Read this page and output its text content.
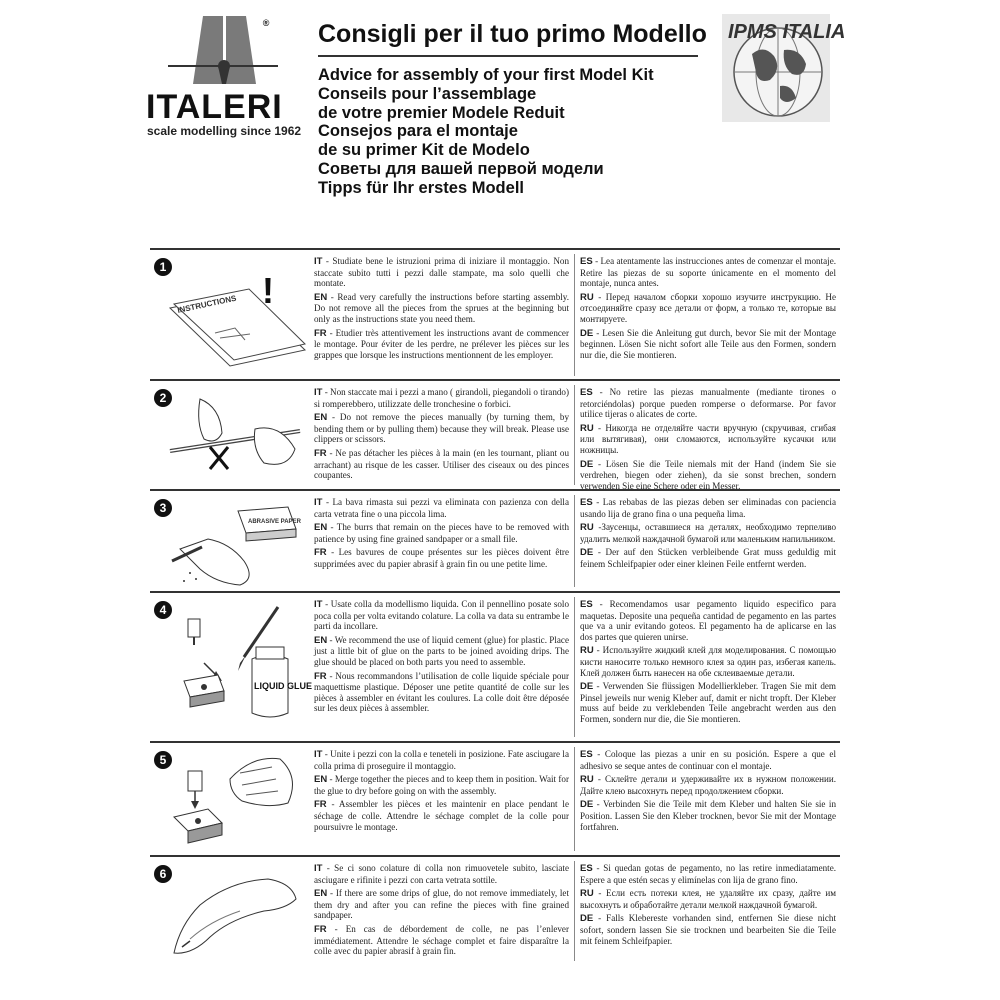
ITALERI®
scale modelling since 1962
Consigli per il tuo primo Modello
Advice for assembly of your first Model Kit
Conseils pour l’assemblage
de votre premier Modele Reduit
Consejos para el montaje
de su primer Kit de Modelo
Советы для вашей первой модели
Tipps für Ihr erstes Modell
IPMS ITALIA
1
INSTRUCTIONS !

IT - Studiate bene le istruzioni prima di iniziare il montaggio. Non staccate subito tutti i pezzi dalle stampate, ma solo quelli che montate.

EN - Read very carefully the instructions before starting assembly. Do not remove all the pieces from the sprues at the beginning but only as the instructions state you need them.

FR - Etudier très attentivement les instructions avant de commencer le montage. Pour éviter de les perdre, ne prélever les pièces sur les grappes que lorsque les instructions mentionnent de les employer.

ES - Lea atentamente las instrucciones antes de comenzar el montaje. Retire las piezas de su soporte únicamente en el momento del montaje, nunca antes.

RU - Перед началом сборки хорошо изучите инструкцию. Не отсоединяйте сразу все детали от форм, а только те, которые вы монтируете.

DE - Lesen Sie die Anleitung gut durch, bevor Sie mit der Montage beginnen. Lösen Sie nicht sofort alle Teile aus den Formen, sondern nur die, die Sie montieren.

2	IT - Non staccate mai i pezzi a mano ( girandoli, piegandoli o tirando) si romperebbero, utilizzate delle tronchesine o forbici.

EN - Do not remove the pieces manually (by turning them, by bending them or by pulling them) because they will break. Please use clippers or scissors.

FR - Ne pas détacher les pièces à la main (en les tournant, pliant ou arrachant) au risque de les casser. Utiliser des ciseaux ou des pinces coupantes.

ES - No retire las piezas manualmente (mediante tirones o retorciéndolas) porque pueden romperse o deformarse. Por favor utilice tijeras o alicates de corte.

RU - Никогда не отделяйте части вручную (скручивая, сгибая или вытягивая), они сломаются, используйте кусачки или ножницы.

DE - Lösen Sie die Teile niemals mit der Hand (indem Sie sie verdrehen, biegen oder ziehen), da sie sonst brechen, sondern verwenden Sie eine Schere oder ein Messer.

3
ABRASIVE PAPER

IT - La bava rimasta sui pezzi va eliminata con pazienza con della carta vetrata fine o una piccola lima.

EN - The burrs that remain on the pieces have to be removed with patience by using fine grained sandpaper or a small file.

FR - Les bavures de coupe présentes sur les pièces doivent être supprimées avec du papier abrasif à grain fin ou une petite lime.

ES - Las rebabas de las piezas deben ser eliminadas con paciencia usando lija de grano fina o una pequeña lima.

RU -Заусенцы, оставшиеся на деталях, необходимо терпеливо удалить мелкой наждачной бумагой или маленьким напильником.

DE - Der auf den Stücken verbleibende Grat muss geduldig mit feinem Schleifpapier oder einer kleinen Feile entfernt werden.

4
LIQUID GLUE

IT - Usate colla da modellismo liquida. Con il pennellino posate solo poca colla per volta evitando colature. La colla va data su entrambe le parti da incollare.

EN - We recommend the use of liquid cement (glue) for plastic. Place just a little bit of glue on the parts to be joined avoiding drips. The glue should be placed on both parts you need to assemble.

FR - Nous recommandons l’utilisation de colle liquide spéciale pour maquettisme plastique. Déposer une petite quantité de colle sur les pièces à assembler en évitant les coulures. La colle doit être déposée sur les deux pièces à assembler.

ES - Recomendamos usar pegamento liquido especifico para maquetas. Deposite una pequeña cantidad de pegamento en las partes que va a unir evitando goteos. El pegamento ha de aplicarse en las dos partes que quieren unirse.

RU - Используйте жидкий клей для моделирования. С помощью кисти наносите только немного клея за один раз, избегая капель. Клей должен быть нанесен на обе склеиваемые детали.

DE - Verwenden Sie flüssigen Modellierkleber. Tragen Sie mit dem Pinsel jeweils nur wenig Kleber auf, damit er nicht tropft. Der Kleber muss auf beide zu verklebenden Teile angebracht werden aus den Formen, sondern nur die, die Sie montieren.

5	IT - Unite i pezzi con la colla e teneteli in posizione. Fate asciugare la colla prima di proseguire il montaggio.

EN - Merge together the pieces and to keep them in position. Wait for the glue to dry before going on with the assembly.

FR - Assembler les pièces et les maintenir en place pendant le séchage de colle. Attendre le séchage complet de la colle pour poursuivre le montage.

ES - Coloque las piezas a unir en su posición. Espere a que el adhesivo se seque antes de continuar con el montaje.

RU - Склейте детали и удерживайте их в нужном положении. Дайте клею высохнуть перед продолжением сборки.

DE - Verbinden Sie die Teile mit dem Kleber und halten Sie sie in Position. Lassen Sie den Kleber trocknen, bevor Sie mit der Montage fortfahren.

6	IT - Se ci sono colature di colla non rimuovetele subito, lasciate asciugare e rifinite i pezzi con carta vetrata sottile.

EN - If there are some drips of glue, do not remove immediately, let them dry and after you can refine the pieces with fine grained sandpaper.

FR - En cas de débordement de colle, ne pas l’enlever immédiatement. Attendre le séchage complet et faire disparaître la colle avec du papier abrasif à grain fin.

ES - Si quedan gotas de pegamento, no las retire inmediatamente. Espere a que estén secas y elimínelas con lija de grano fino.

RU - Если есть потеки клея, не удаляйте их сразу, дайте им высохнуть и обработайте детали мелкой наждачной бумагой.

DE - Falls Klebereste vorhanden sind, entfernen Sie diese nicht sofort, sondern lassen Sie sie trocknen und bearbeiten Sie die Teile mit feinem Schleifpapier.
